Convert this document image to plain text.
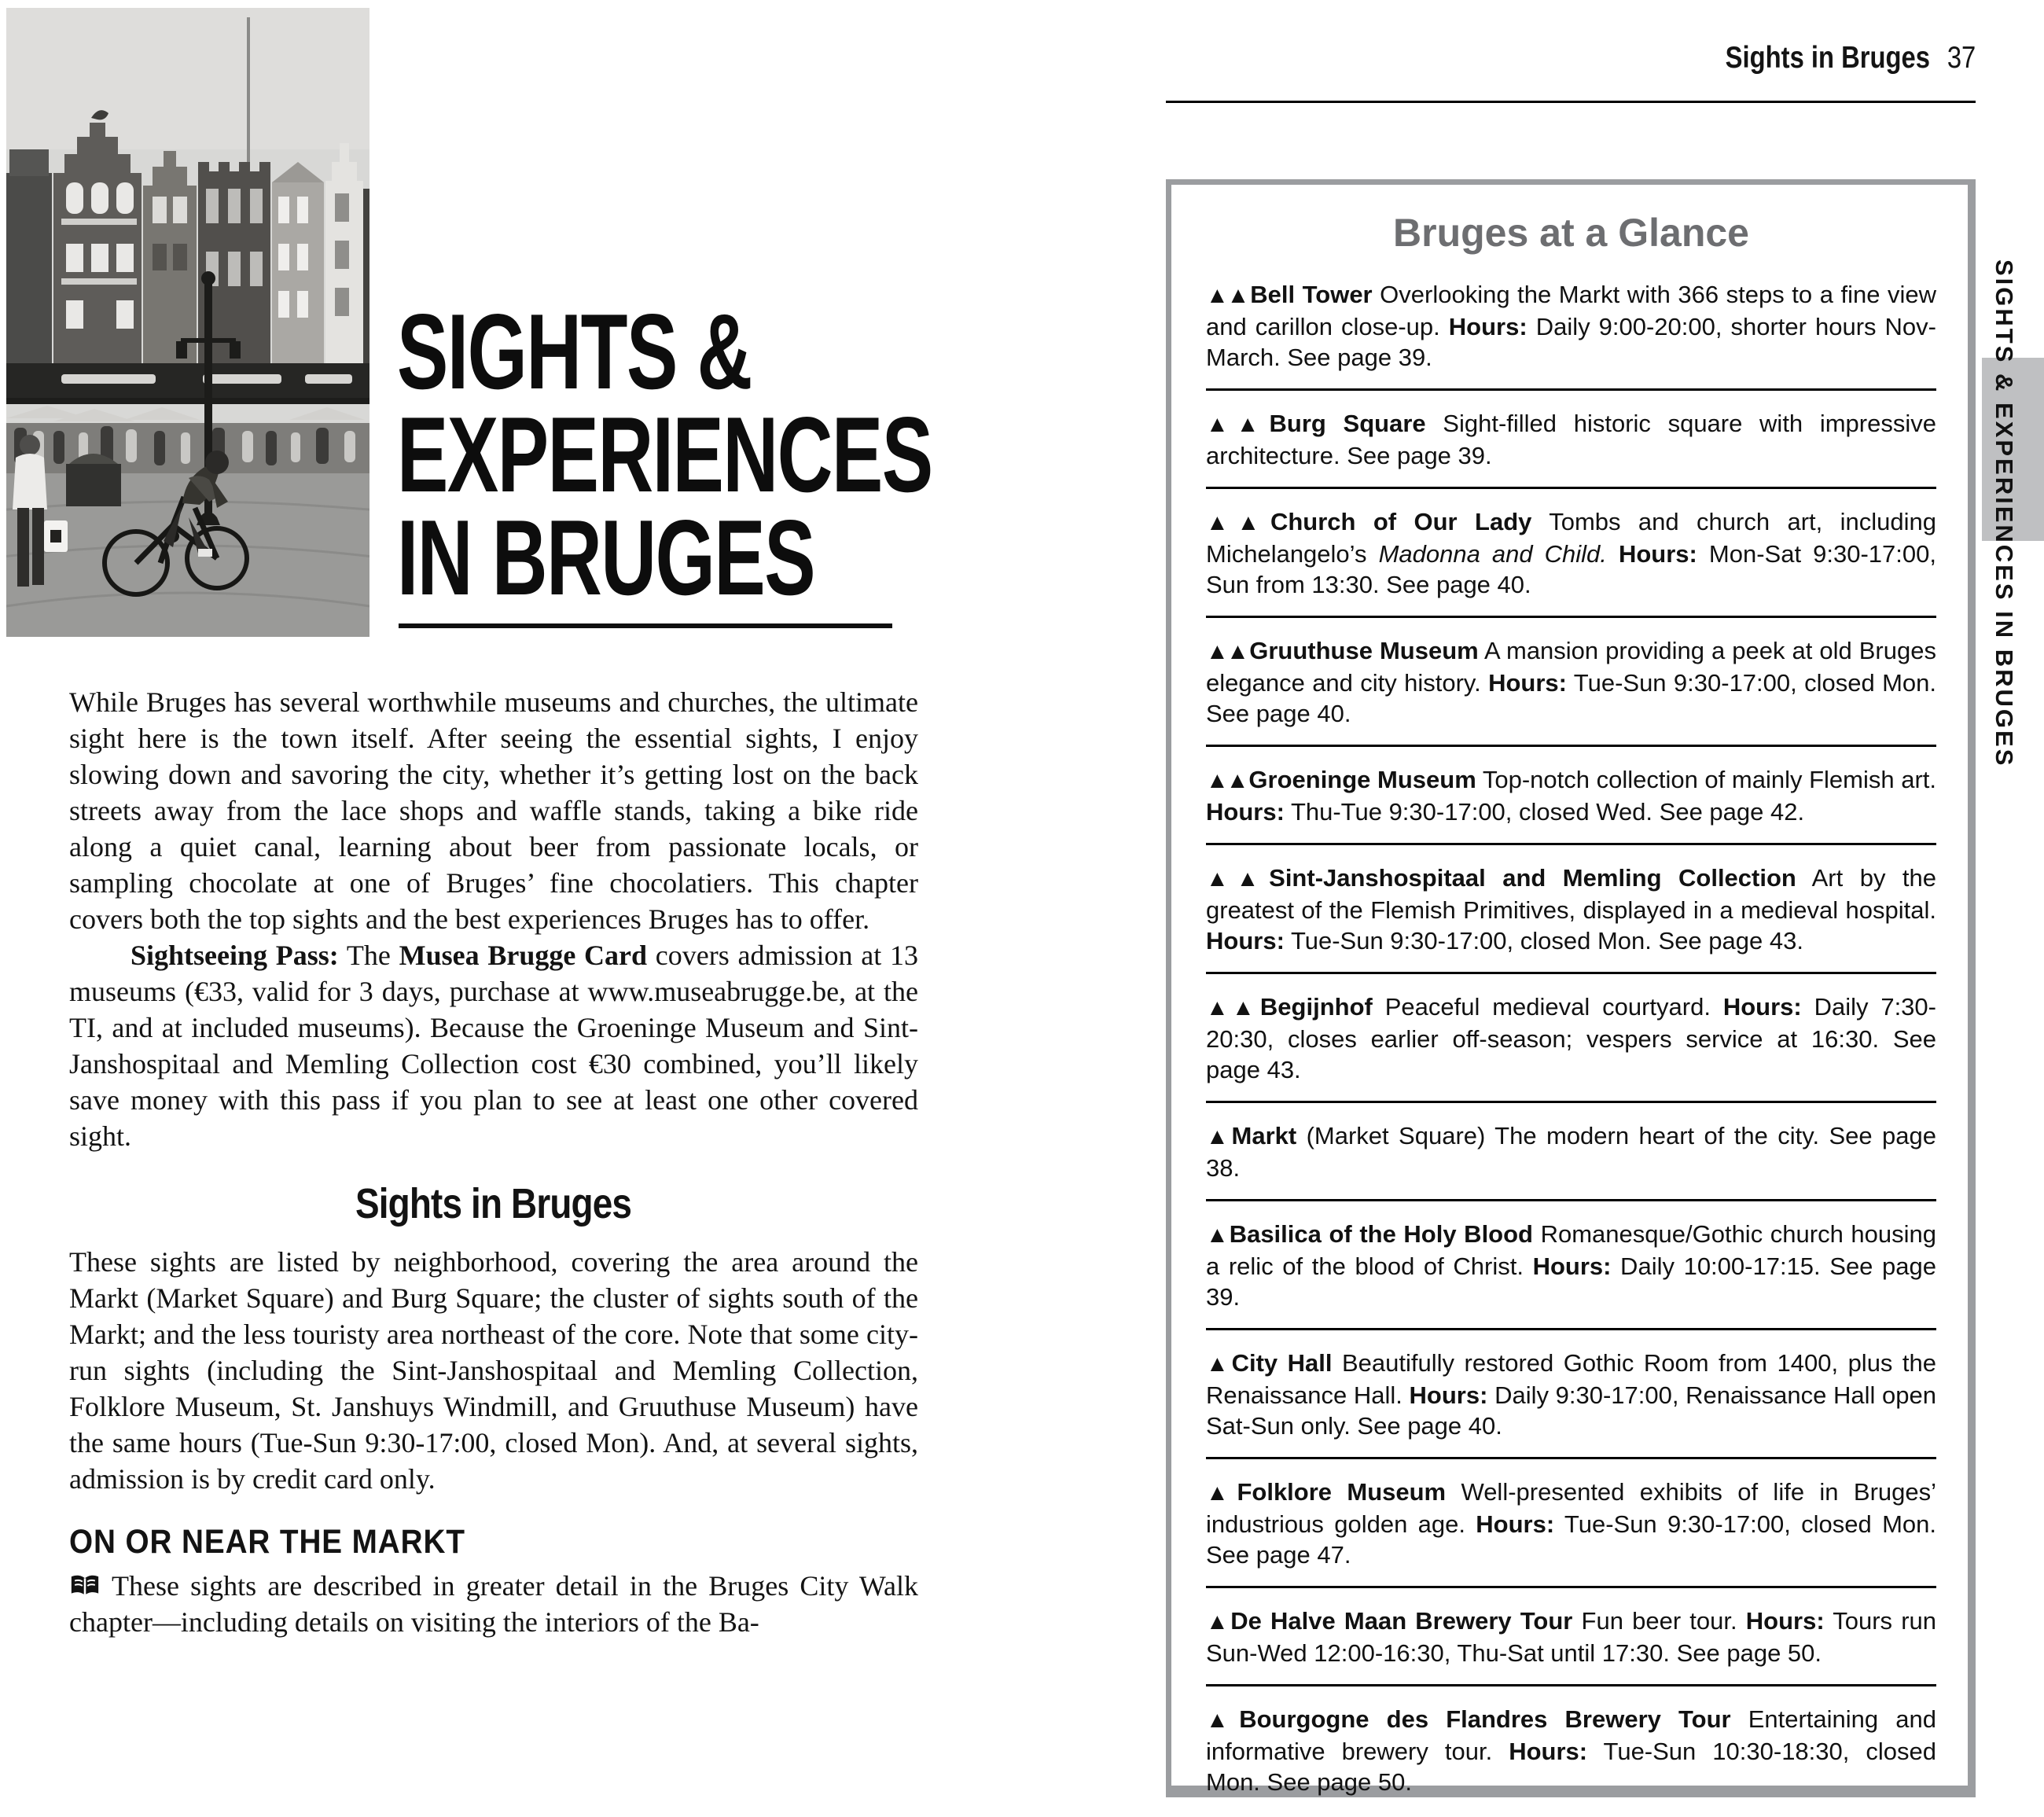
Sights in Bruges 37
SIGHTS &
EXPERIENCES
IN BRUGES

While Bruges has several worthwhile museums and churches, the ultimate sight here is the town itself. After seeing the essential sights, I enjoy slowing down and savoring the city, whether it’s getting lost on the back streets away from the lace shops and waffle stands, taking a bike ride along a quiet canal, learning about beer from passionate locals, or sampling chocolate at one of Bruges’ fine chocolatiers. This chapter covers both the top sights and the best experiences Bruges has to offer.

Sightseeing Pass: The Musea Brugge Card covers admission at 13 museums (€33, valid for 3 days, purchase at www.museabrugge.be, at the TI, and at included museums). Because the Groeninge Museum and Sint-Janshospitaal and Memling Collection cost €30 combined, you’ll likely save money with this pass if you plan to see at least one other covered sight.

Sights in Bruges

These sights are listed by neighborhood, covering the area around the Markt (Market Square) and Burg Square; the cluster of sights south of the Markt; and the less touristy area northeast of the core. Note that some city-run sights (including the Sint-Janshospitaal and Memling Collection, Folklore Museum, St. Janshuys Windmill, and Gruuthuse Museum) have the same hours (Tue-Sun 9:30-17:00, closed Mon). And, at several sights, admission is by credit card only.

ON OR NEAR THE MARKT

These sights are described in greater detail in the Bruges City Walk chapter—including details on visiting the interiors of the Ba-

Bruges at a Glance

▲▲Bell Tower Overlooking the Markt with 366 steps to a fine view and carillon close-up. Hours: Daily 9:00-20:00, shorter hours Nov-March. See page 39.

▲▲Burg Square Sight-filled historic square with impressive architecture. See page 39.

▲▲Church of Our Lady Tombs and church art, including Michelangelo’s Madonna and Child. Hours: Mon-Sat 9:30-17:00, Sun from 13:30. See page 40.

▲▲Gruuthuse Museum A mansion providing a peek at old Bruges elegance and city history. Hours: Tue-Sun 9:30-17:00, closed Mon. See page 40.

▲▲Groeninge Museum Top-notch collection of mainly Flemish art. Hours: Thu-Tue 9:30-17:00, closed Wed. See page 42.

▲▲Sint-Janshospitaal and Memling Collection Art by the greatest of the Flemish Primitives, displayed in a medieval hospital. Hours: Tue-Sun 9:30-17:00, closed Mon. See page 43.

▲▲Begijnhof Peaceful medieval courtyard. Hours: Daily 7:30-20:30, closes earlier off-season; vespers service at 16:30. See page 43.

▲Markt (Market Square) The modern heart of the city. See page 38.

▲Basilica of the Holy Blood Romanesque/Gothic church housing a relic of the blood of Christ. Hours: Daily 10:00-17:15. See page 39.

▲City Hall Beautifully restored Gothic Room from 1400, plus the Renaissance Hall. Hours: Daily 9:30-17:00, Renaissance Hall open Sat-Sun only. See page 40.

▲Folklore Museum Well-presented exhibits of life in Bruges’ industrious golden age. Hours: Tue-Sun 9:30-17:00, closed Mon. See page 47.

▲De Halve Maan Brewery Tour Fun beer tour. Hours: Tours run Sun-Wed 12:00-16:30, Thu-Sat until 17:30. See page 50.

▲Bourgogne des Flandres Brewery Tour Entertaining and informative brewery tour. Hours: Tue-Sun 10:30-18:30, closed Mon. See page 50.

SIGHTS & EXPERIENCES IN BRUGES
